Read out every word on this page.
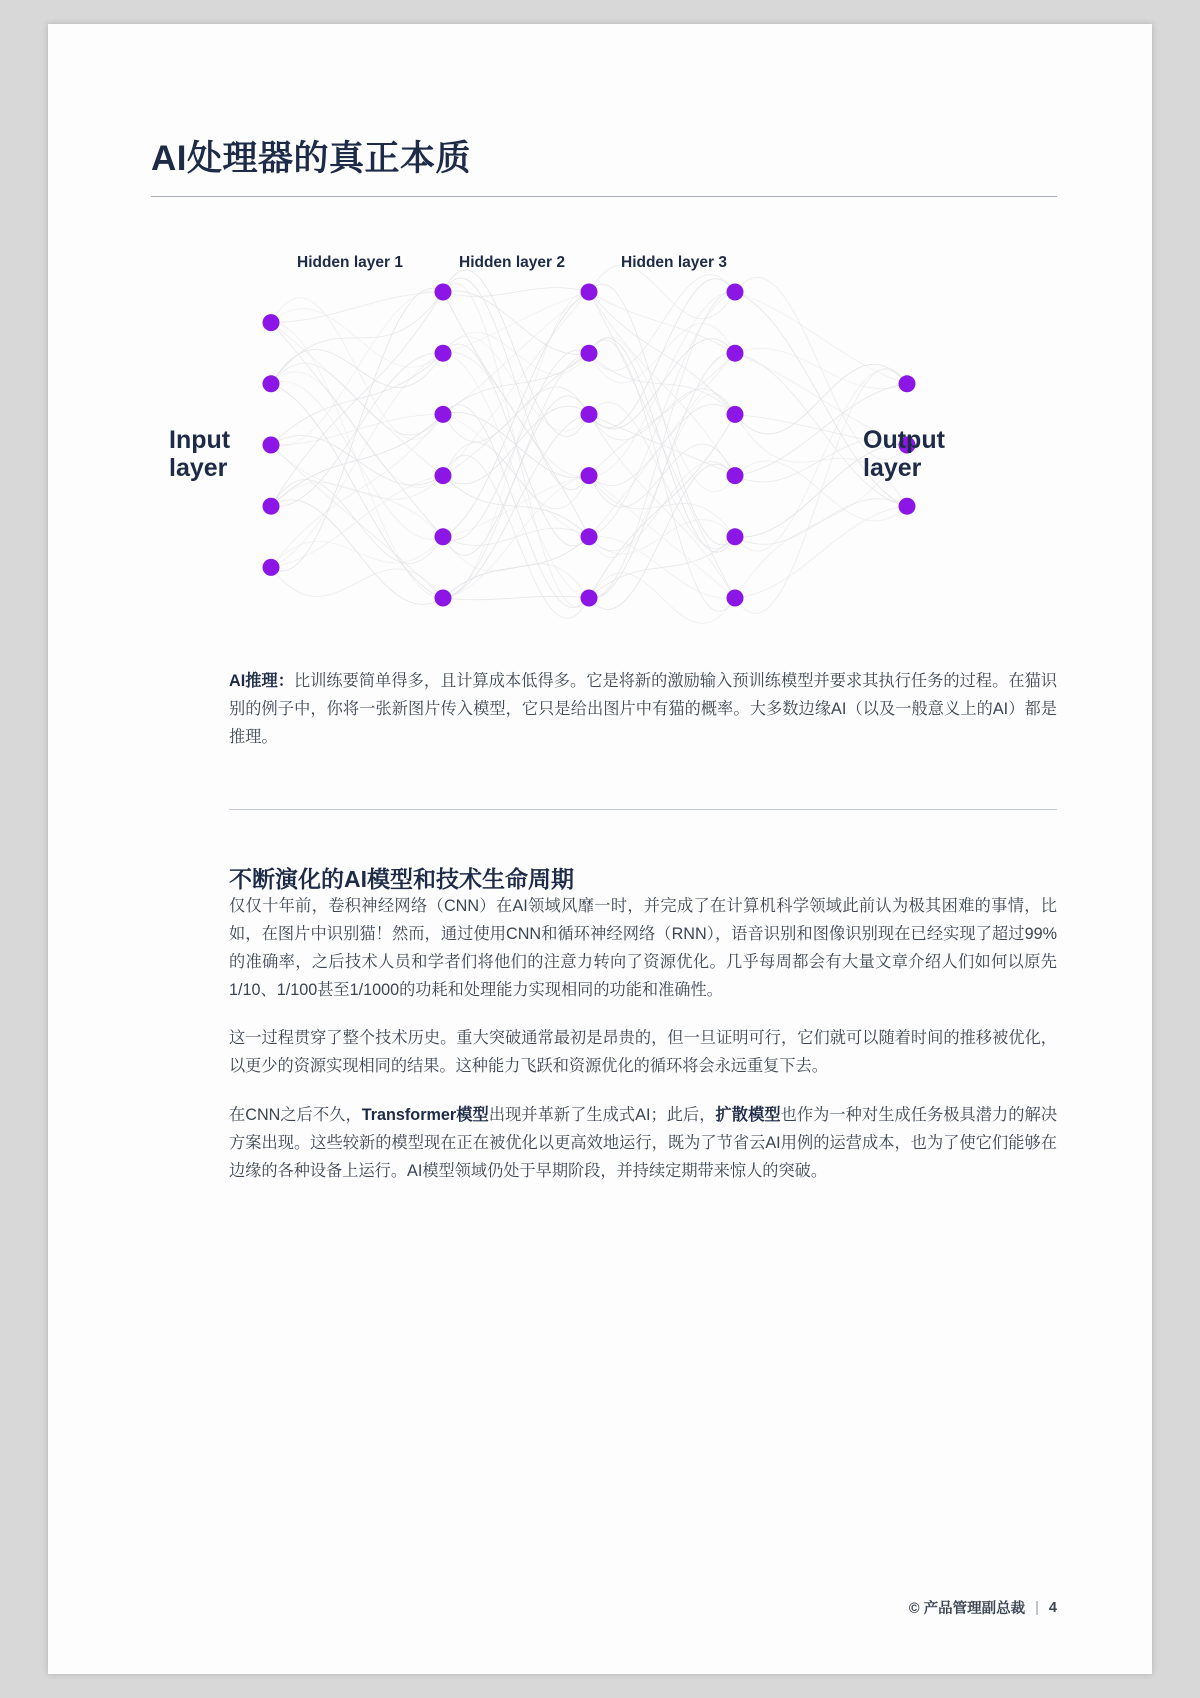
AI处理器的真正本质
Hidden layer 1	Hidden layer 2	Hidden layer 3
Input
layer
Output
layer

AI推理：比训练要简单得多，且计算成本低得多。它是将新的激励输入预训练模型并要求其执行任务的过程。在猫识别的例子中，你将一张新图片传入模型，它只是给出图片中有猫的概率。大多数边缘AI（以及一般意义上的AI）都是推理。

不断演化的AI模型和技术生命周期

仅仅十年前，卷积神经网络（CNN）在AI领域风靡一时，并完成了在计算机科学领域此前认为极其困难的事情，比如，在图片中识别猫！然而，通过使用CNN和循环神经网络（RNN），语音识别和图像识别现在已经实现了超过99%的准确率，之后技术人员和学者们将他们的注意力转向了资源优化。几乎每周都会有大量文章介绍人们如何以原先1/10、1/100甚至1/1000的功耗和处理能力实现相同的功能和准确性。

这一过程贯穿了整个技术历史。重大突破通常最初是昂贵的，但一旦证明可行，它们就可以随着时间的推移被优化，以更少的资源实现相同的结果。这种能力飞跃和资源优化的循环将会永远重复下去。

在CNN之后不久，Transformer模型出现并革新了生成式AI；此后，扩散模型也作为一种对生成任务极具潜力的解决方案出现。这些较新的模型现在正在被优化以更高效地运行，既为了节省云AI用例的运营成本，也为了使它们能够在边缘的各种设备上运行。AI模型领域仍处于早期阶段，并持续定期带来惊人的突破。

© 产品管理副总裁 | 4
